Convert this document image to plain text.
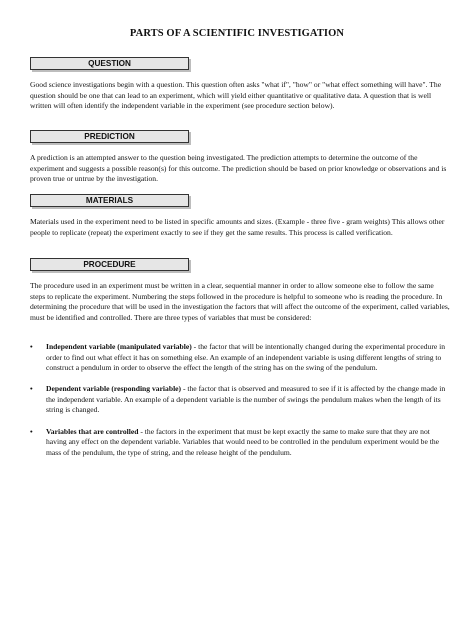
PARTS OF A SCIENTIFIC INVESTIGATION
QUESTION

Good science investigations begin with a question. This question often asks "what if", "how" or "what effect something will have". The question should be one that can lead to an experiment, which will yield either quantitative or qualitative data. A question that is well written will often identify the independent variable in the experiment (see procedure section below).

PREDICTION

A prediction is an attempted answer to the question being investigated. The prediction attempts to determine the outcome of the experiment and suggests a possible reason(s) for this outcome. The prediction should be based on prior knowledge or observations and is proven true or untrue by the investigation.

MATERIALS

Materials used in the experiment need to be listed in specific amounts and sizes. (Example - three five - gram weights) This allows other people to replicate (repeat) the experiment exactly to see if they get the same results. This process is called verification.

PROCEDURE

The procedure used in an experiment must be written in a clear, sequential manner in order to allow someone else to follow the same steps to replicate the experiment. Numbering the steps followed in the procedure is helpful to someone who is reading the procedure. In determining the procedure that will be used in the investigation the factors that will affect the outcome of the experiment, called variables, must be identified and controlled. There are three types of variables that must be considered:

• Independent variable (manipulated variable) - the factor that will be intentionally changed during the experimental procedure in order to find out what effect it has on something else. An example of an independent variable is using different lengths of string to construct a pendulum in order to observe the effect the length of the string has on the swing of the pendulum.
• Dependent variable (responding variable) - the factor that is observed and measured to see if it is affected by the change made in the independent variable. An example of a dependent variable is the number of swings the pendulum makes when the length of its string is changed.
• Variables that are controlled - the factors in the experiment that must be kept exactly the same to make sure that they are not having any effect on the dependent variable. Variables that would need to be controlled in the pendulum experiment would be the mass of the pendulum, the type of string, and the release height of the pendulum.
